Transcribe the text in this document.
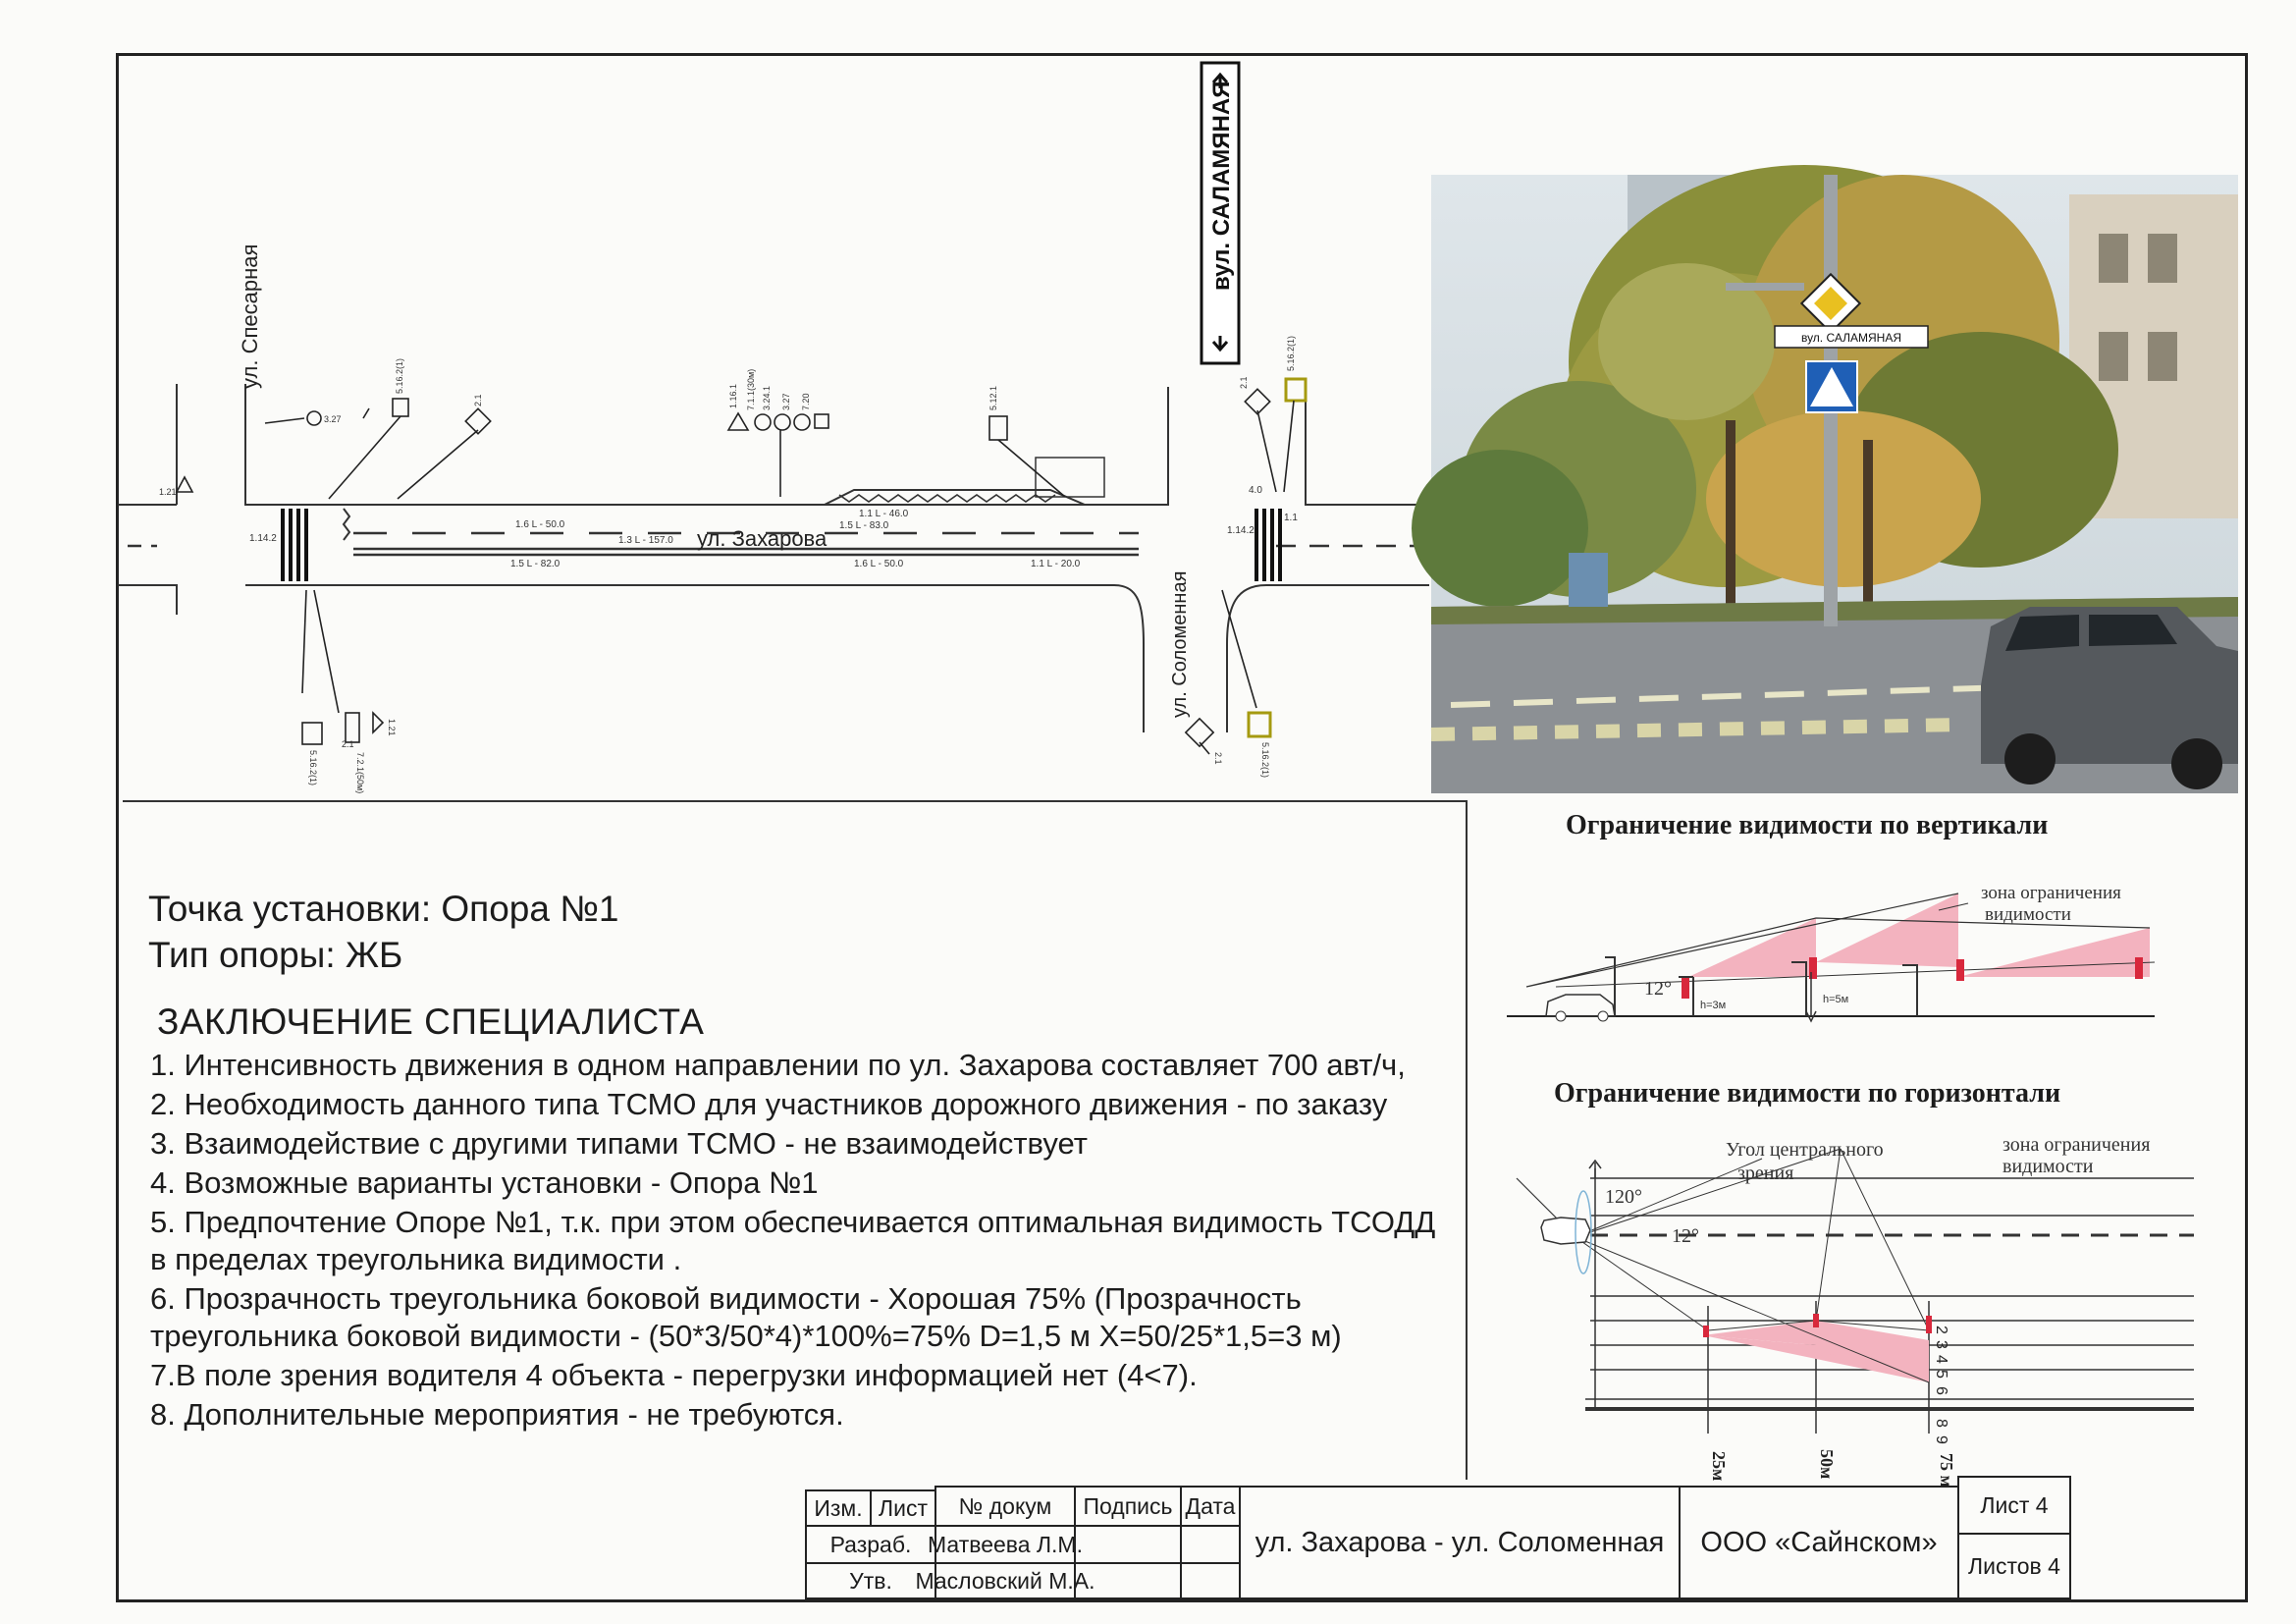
ул. Спесарная
ул. Захарова
ул. Соломенная
вул. САЛАМЯНАЯ
1.14.2
1.6 L - 50.0
1.3 L - 157.0
1.5 L - 82.0	1.6 L - 50.0	1.1 L - 20.0
1.5 L - 83.0	1.14.2
1.1
1.1 L - 46.0
4.0
5.16.2(1)
3.27
2.1	1.16.1 7.1.1(30м) 3.24.1 3.27 7.20	5.12.1
2.1
5.16.2(1)
2.1	5.16.2(1)
1.21
7.2.1(50м)
5.16.2(1)
1.21
2.1
вул. САЛАМЯНАЯ
Точка установки: Опора №1
Тип опоры: ЖБ
ЗАКЛЮЧЕНИЕ СПЕЦИАЛИСТА
1. Интенсивность движения в одном направлении по ул. Захарова составляет 700 авт/ч,
2. Необходимость данного типа ТСМО для участников дорожного движения - по заказу
3. Взаимодействие с другими типами ТСМО - не взаимодействует
4. Возможные варианты установки - Опора №1
5. Предпочтение Опоре №1, т.к. при этом обеспечивается оптимальная видимость ТСОДД
в пределах треугольника видимости .
6. Прозрачность треугольника боковой видимости - Хорошая 75% (Прозрачность
треугольника боковой видимости - (50*3/50*4)*100%=75% D=1,5 м X=50/25*1,5=3 м)
7.В поле зрения водителя 4 объекта - перегрузки информацией нет (4<7).
8. Дополнительные мероприятия - не требуются.
Ограничение видимости по вертикали
Ограничение видимости по горизонтали
12°
h=3м	h=5м
зона ограничения
видимости
120°
12°
Угол центрального
зрения
зона ограничения
видимости
25м	50м	75 м
2
3
4
5
6
8
9
Изм. Лист	№ докум	Подпись Дата
Разраб. Матвеева Л.М.
Утв.	Масловский М.А.
ул. Захарова - ул. Соломенная	ООО «Сайнском»
Лист 4
Листов 4
